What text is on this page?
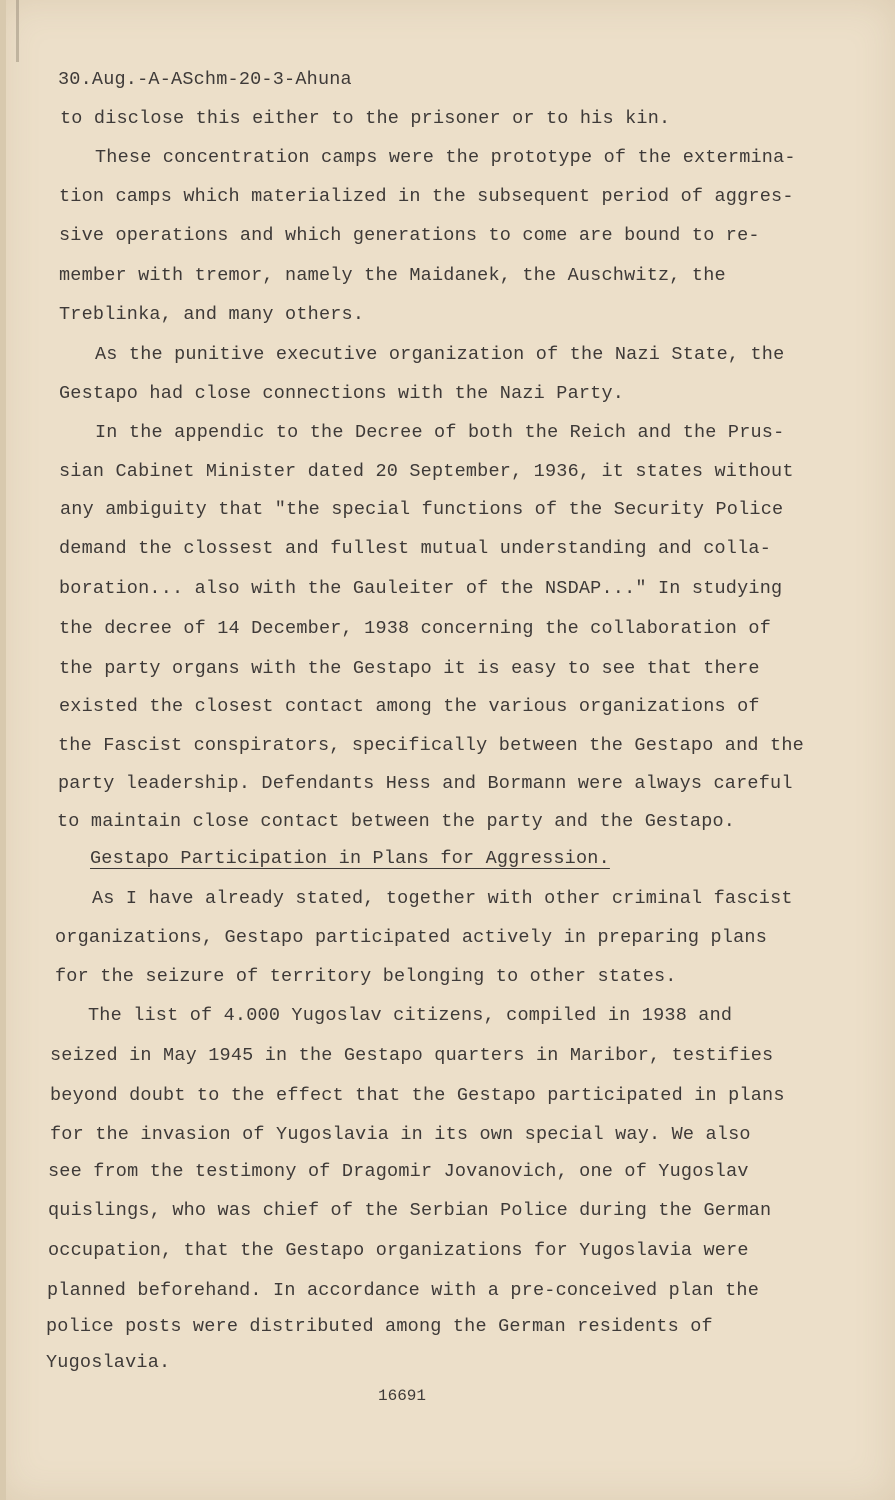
30.Aug.-A-ASchm-20-3-Ahuna
to disclose this either to the prisoner or to his kin.
These concentration camps were the prototype of the extermina-
tion camps which materialized in the subsequent period of aggres-
sive operations and which generations to come are bound to re-
member with tremor, namely the Maidanek, the Auschwitz, the
Treblinka, and many others.
As the punitive executive organization of the Nazi State, the
Gestapo had close connections with the Nazi Party.
In the appendic to the Decree of both the Reich and the Prus-
sian Cabinet Minister dated 20 September, 1936, it states without
any ambiguity that "the special functions of the Security Police
demand the clossest and fullest mutual understanding and colla-
boration... also with the Gauleiter of the NSDAP..." In studying
the decree of 14 December, 1938 concerning the collaboration of
the party organs with the Gestapo it is easy to see that there
existed the closest contact among the various organizations of
the Fascist conspirators, specifically between the Gestapo and the
party leadership. Defendants Hess and Bormann were always careful
to maintain close contact between the party and the Gestapo.
Gestapo Participation in Plans for Aggression.
As I have already stated, together with other criminal fascist
organizations, Gestapo participated actively in preparing plans
for the seizure of territory belonging to other states.
The list of 4.000 Yugoslav citizens, compiled in 1938 and
seized in May 1945 in the Gestapo quarters in Maribor, testifies
beyond doubt to the effect that the Gestapo participated in plans
for the invasion of Yugoslavia in its own special way. We also
see from the testimony of Dragomir Jovanovich, one of Yugoslav
quislings, who was chief of the Serbian Police during the German
occupation, that the Gestapo organizations for Yugoslavia were
planned beforehand. In accordance with a pre-conceived plan the
police posts were distributed among the German residents of
Yugoslavia.
16691
